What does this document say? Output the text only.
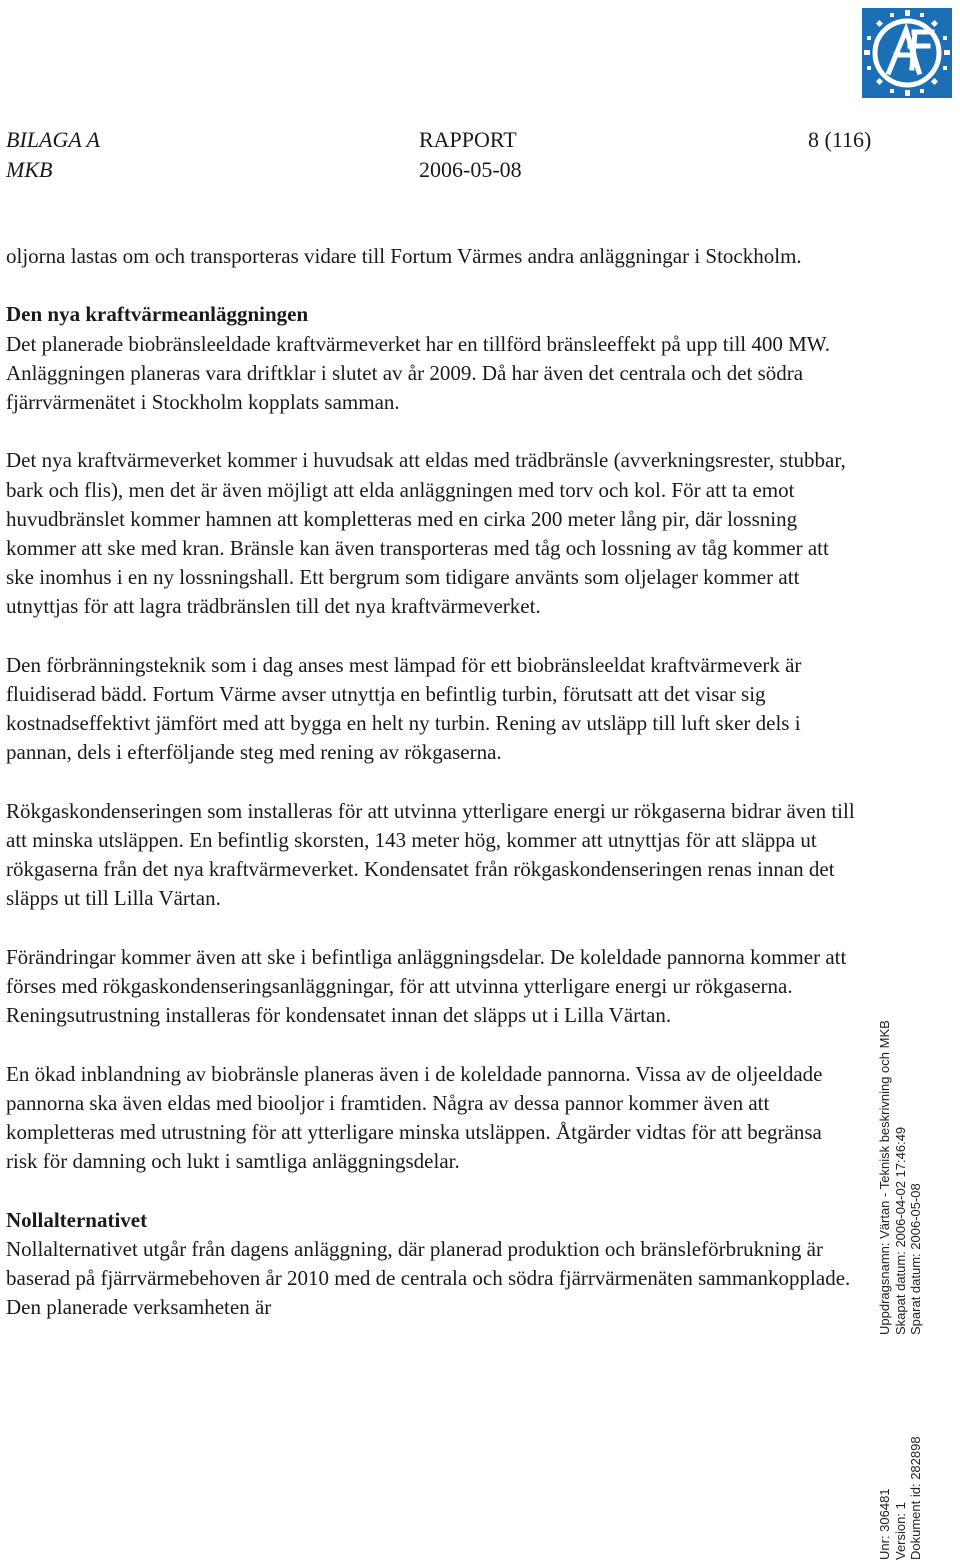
BILAGA A
MKB
RAPPORT
2006-05-08
8 (116)

oljorna lastas om och transporteras vidare till Fortum Värmes andra anläggningar i Stockholm.

Den nya kraftvärmeanläggningen
Det planerade biobränsleeldade kraftvärmeverket har en tillförd bränsleeffekt på upp till 400 MW. Anläggningen planeras vara driftklar i slutet av år 2009. Då har även det centrala och det södra fjärrvärmenätet i Stockholm kopplats samman.

Det nya kraftvärmeverket kommer i huvudsak att eldas med trädbränsle (avverkningsrester, stubbar, bark och flis), men det är även möjligt att elda anläggningen med torv och kol. För att ta emot huvudbränslet kommer hamnen att kompletteras med en cirka 200 meter lång pir, där lossning kommer att ske med kran. Bränsle kan även transporteras med tåg och lossning av tåg kommer att ske inomhus i en ny lossningshall. Ett bergrum som tidigare använts som oljelager kommer att utnyttjas för att lagra trädbränslen till det nya kraftvärmeverket.

Den förbränningsteknik som i dag anses mest lämpad för ett biobränsleeldat kraftvärmeverk är fluidiserad bädd. Fortum Värme avser utnyttja en befintlig turbin, förutsatt att det visar sig kostnadseffektivt jämfört med att bygga en helt ny turbin. Rening av utsläpp till luft sker dels i pannan, dels i efterföljande steg med rening av rökgaserna.

Rökgaskondenseringen som installeras för att utvinna ytterligare energi ur rökgaserna bidrar även till att minska utsläppen. En befintlig skorsten, 143 meter hög, kommer att utnyttjas för att släppa ut rökgaserna från det nya kraftvärmeverket. Kondensatet från rökgaskondenseringen renas innan det släpps ut till Lilla Värtan.

Förändringar kommer även att ske i befintliga anläggningsdelar. De koleldade pannorna kommer att förses med rökgaskondenseringsanläggningar, för att utvinna ytterligare energi ur rökgaserna. Reningsutrustning installeras för kondensatet innan det släpps ut i Lilla Värtan.

En ökad inblandning av biobränsle planeras även i de koleldade pannorna. Vissa av de oljeeldade pannorna ska även eldas med biooljor i framtiden. Några av dessa pannor kommer även att kompletteras med utrustning för att ytterligare minska utsläppen. Åtgärder vidtas för att begränsa risk för damning och lukt i samtliga anläggningsdelar.

Nollalternativet
Nollalternativet utgår från dagens anläggning, där planerad produktion och bränsleförbrukning är baserad på fjärrvärmebehoven år 2010 med de centrala och södra fjärrvärmenäten sammankopplade. Den planerade verksamheten är

Unr: 306481 Version: 1 Dokument id: 282898
Uppdragsnamn: Värtan - Teknisk beskrivning och MKB Skapat datum: 2006-04-02 17:46:49 Sparat datum: 2006-05-08
